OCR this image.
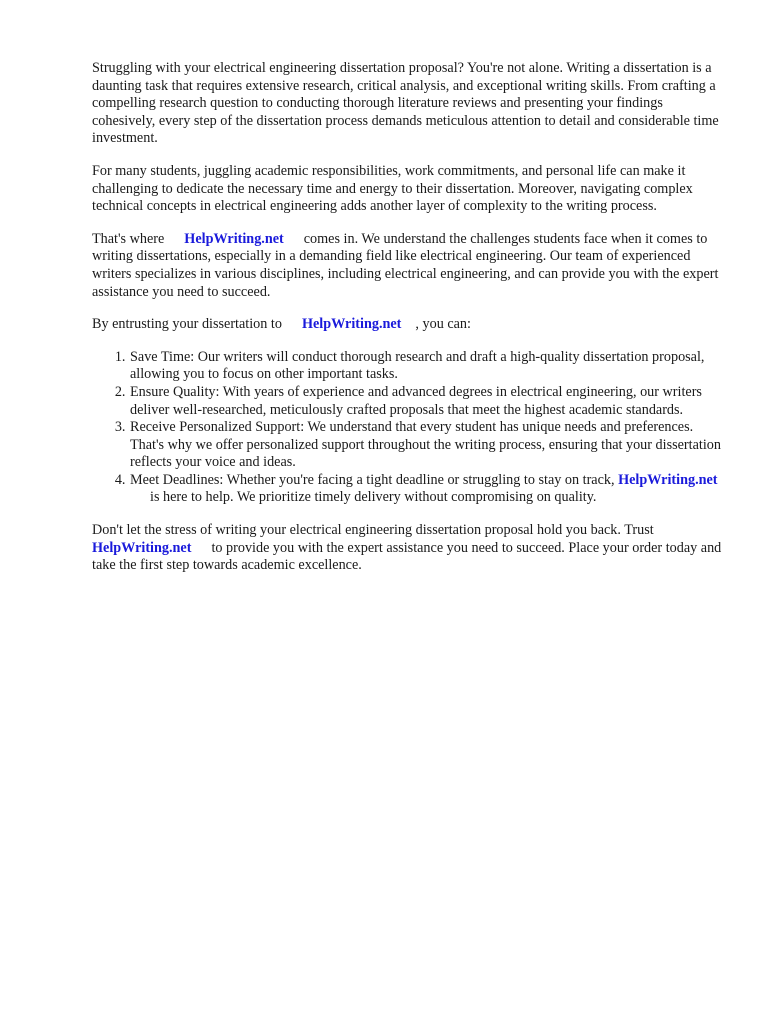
Struggling with your electrical engineering dissertation proposal? You're not alone. Writing a dissertation is a daunting task that requires extensive research, critical analysis, and exceptional writing skills. From crafting a compelling research question to conducting thorough literature reviews and presenting your findings cohesively, every step of the dissertation process demands meticulous attention to detail and considerable time investment.

For many students, juggling academic responsibilities, work commitments, and personal life can make it challenging to dedicate the necessary time and energy to their dissertation. Moreover, navigating complex technical concepts in electrical engineering adds another layer of complexity to the writing process.

That's where HelpWriting.net comes in. We understand the challenges students face when it comes to writing dissertations, especially in a demanding field like electrical engineering. Our team of experienced writers specializes in various disciplines, including electrical engineering, and can provide you with the expert assistance you need to succeed.

By entrusting your dissertation to HelpWriting.net , you can:

1. Save Time: Our writers will conduct thorough research and draft a high-quality dissertation proposal, allowing you to focus on other important tasks.
2. Ensure Quality: With years of experience and advanced degrees in electrical engineering, our writers deliver well-researched, meticulously crafted proposals that meet the highest academic standards.
3. Receive Personalized Support: We understand that every student has unique needs and preferences. That's why we offer personalized support throughout the writing process, ensuring that your dissertation reflects your voice and ideas.
4. Meet Deadlines: Whether you're facing a tight deadline or struggling to stay on track, HelpWriting.netis here to help. We prioritize timely delivery without compromising on quality.

Don't let the stress of writing your electrical engineering dissertation proposal hold you back. TrustHelpWriting.net to provide you with the expert assistance you need to succeed. Place your order today and take the first step towards academic excellence.
